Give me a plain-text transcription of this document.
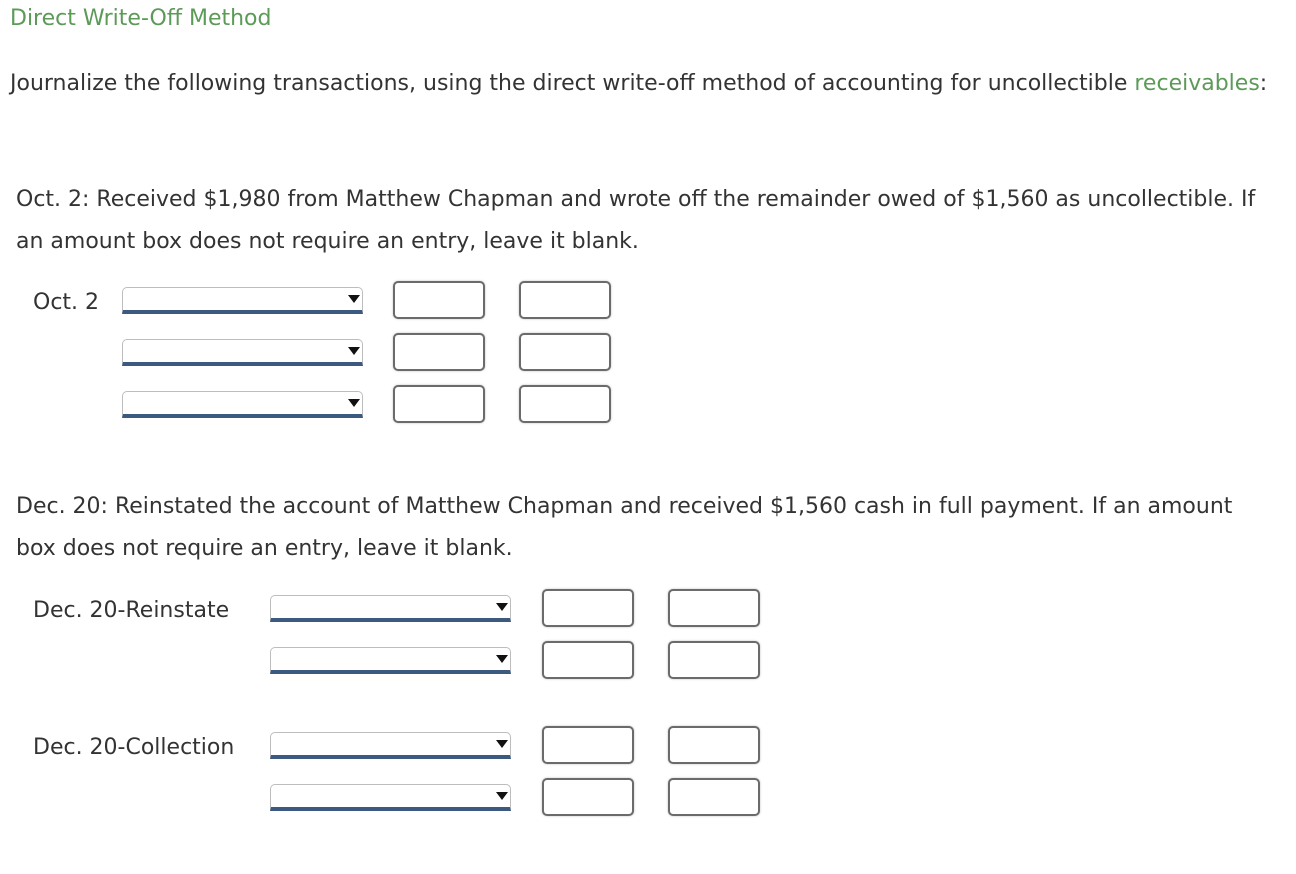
Direct Write-Off Method
Journalize the following transactions, using the direct write-off method of accounting for uncollectible receivables:
Oct. 2: Received $1,980 from Matthew Chapman and wrote off the remainder owed of $1,560 as uncollectible. If an amount box does not require an entry, leave it blank.
Oct. 2
Dec. 20: Reinstated the account of Matthew Chapman and received $1,560 cash in full payment. If an amount box does not require an entry, leave it blank.
Dec. 20-Reinstate
Dec. 20-Collection
